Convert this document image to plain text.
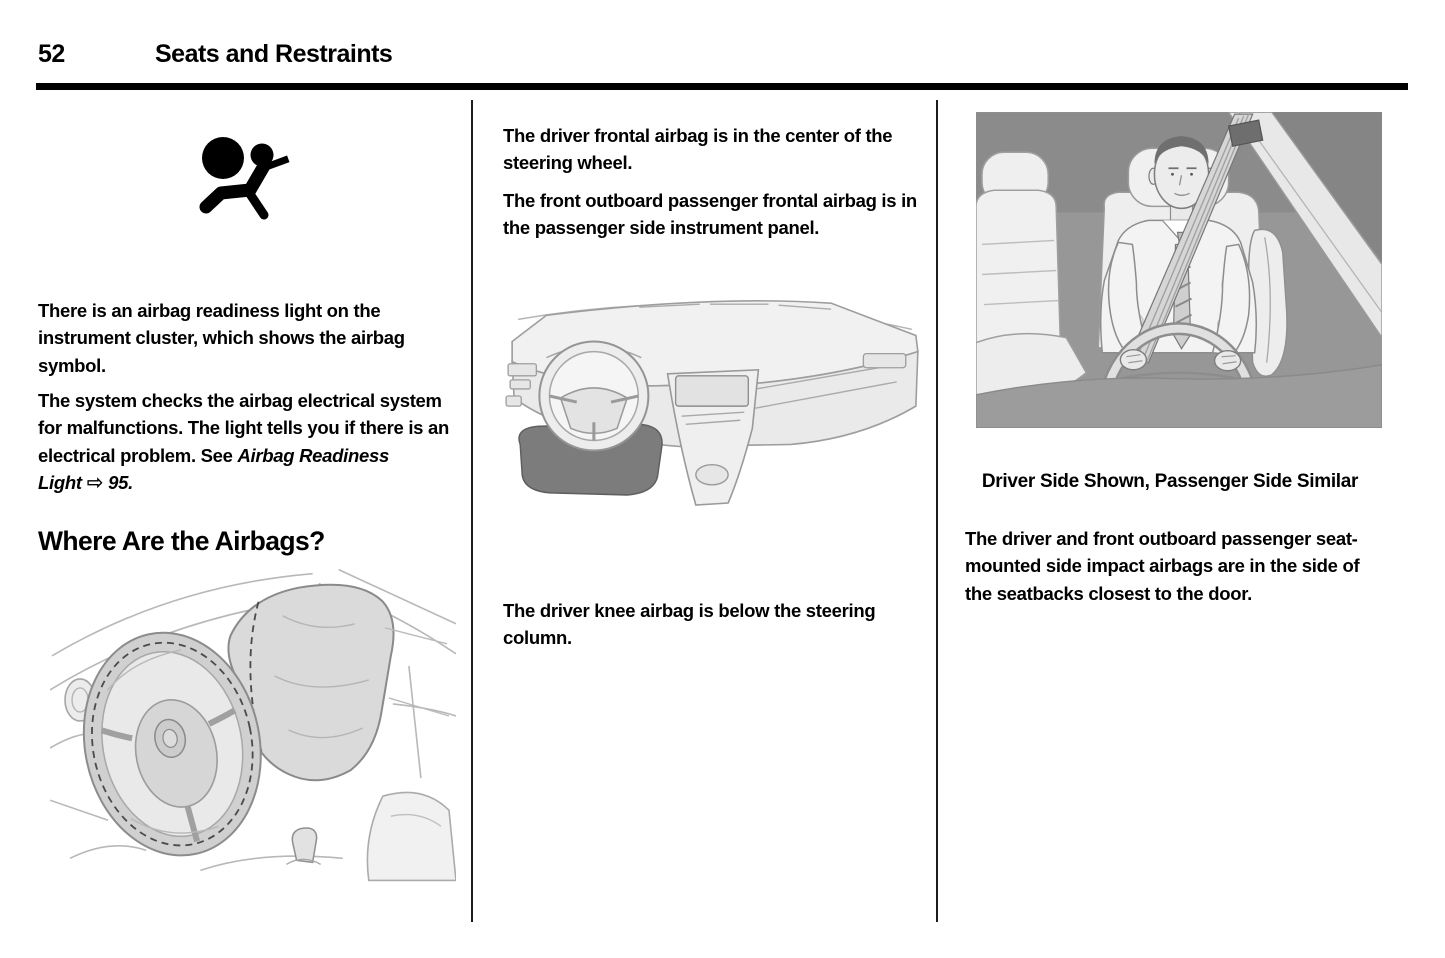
52	Seats and Restraints

There is an airbag readiness light on the instrument cluster, which shows the airbag symbol.

The system checks the airbag electrical system for malfunctions. The light tells you if there is an electrical problem. See Airbag Readiness Light ⇨ 95.

Where Are the Airbags?

The driver frontal airbag is in the center of the steering wheel.

The front outboard passenger frontal airbag is in the passenger side instrument panel.

The driver knee airbag is below the steering column.

Driver Side Shown, Passenger Side Similar

The driver and front outboard passenger seat-mounted side impact airbags are in the side of the seatbacks closest to the door.
